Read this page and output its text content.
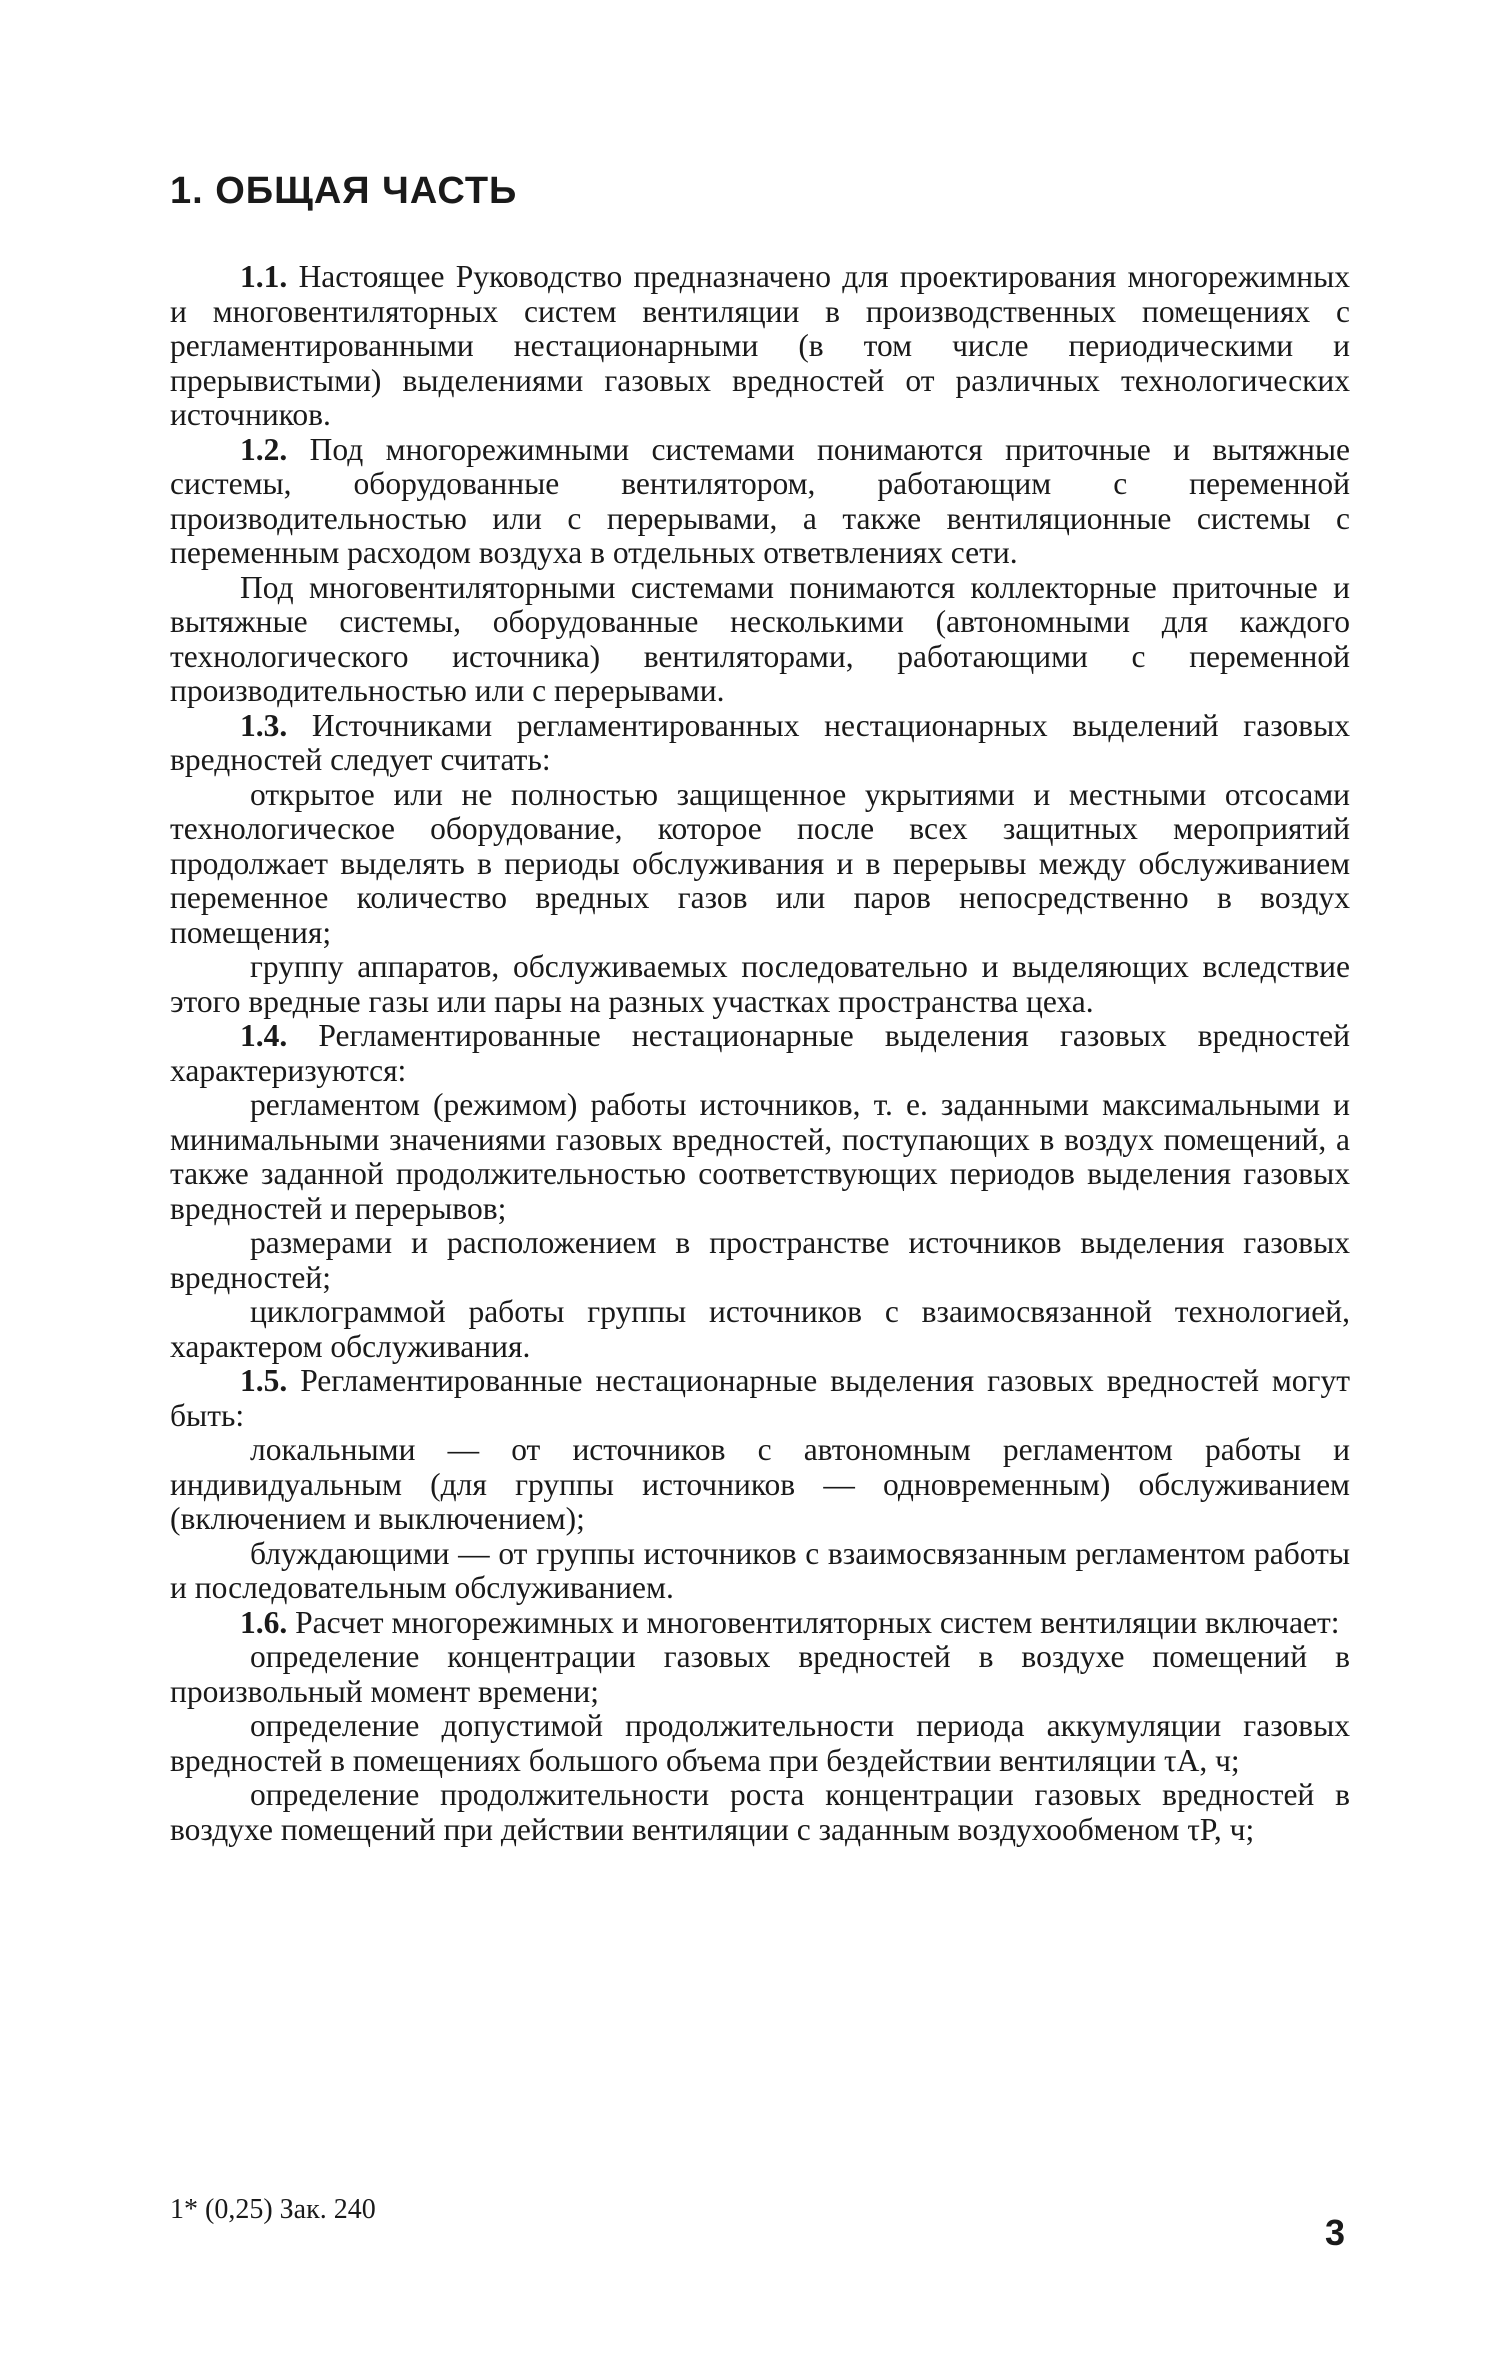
1. ОБЩАЯ ЧАСТЬ

1.1. Настоящее Руководство предназначено для проектирования многорежимных и многовентиляторных систем вентиляции в производственных помещениях с регламентированными нестационарными (в том числе периодическими и прерывистыми) выделениями газовых вредностей от различных технологических источников.

1.2. Под многорежимными системами понимаются приточные и вытяжные системы, оборудованные вентилятором, работающим с переменной производительностью или с перерывами, а также вентиляционные системы с переменным расходом воздуха в отдельных ответвлениях сети.

Под многовентиляторными системами понимаются коллекторные приточные и вытяжные системы, оборудованные несколькими (автономными для каждого технологического источника) вентиляторами, работающими с переменной производительностью или с перерывами.

1.3. Источниками регламентированных нестационарных выделений газовых вредностей следует считать:

открытое или не полностью защищенное укрытиями и местными отсосами технологическое оборудование, которое после всех защитных мероприятий продолжает выделять в периоды обслуживания и в перерывы между обслуживанием переменное количество вредных газов или паров непосредственно в воздух помещения;

группу аппаратов, обслуживаемых последовательно и выделяющих вследствие этого вредные газы или пары на разных участках пространства цеха.

1.4. Регламентированные нестационарные выделения газовых вредностей характеризуются:

регламентом (режимом) работы источников, т. е. заданными максимальными и минимальными значениями газовых вредностей, поступающих в воздух помещений, а также заданной продолжительностью соответствующих периодов выделения газовых вредностей и перерывов;

размерами и расположением в пространстве источников выделения газовых вредностей;

циклограммой работы группы источников с взаимосвязанной технологией, характером обслуживания.

1.5. Регламентированные нестационарные выделения газовых вредностей могут быть:

локальными — от источников с автономным регламентом работы и индивидуальным (для группы источников — одновременным) обслуживанием (включением и выключением);

блуждающими — от группы источников с взаимосвязанным регламентом работы и последовательным обслуживанием.

1.6. Расчет многорежимных и многовентиляторных систем вентиляции включает:

определение концентрации газовых вредностей в воздухе помещений в произвольный момент времени;

определение допустимой продолжительности периода аккумуляции газовых вредностей в помещениях большого объема при бездействии вентиляции τA, ч;

определение продолжительности роста концентрации газовых вредностей в воздухе помещений при действии вентиляции с заданным воздухообменом τP, ч;

1* (0,25) Зак. 240
3
